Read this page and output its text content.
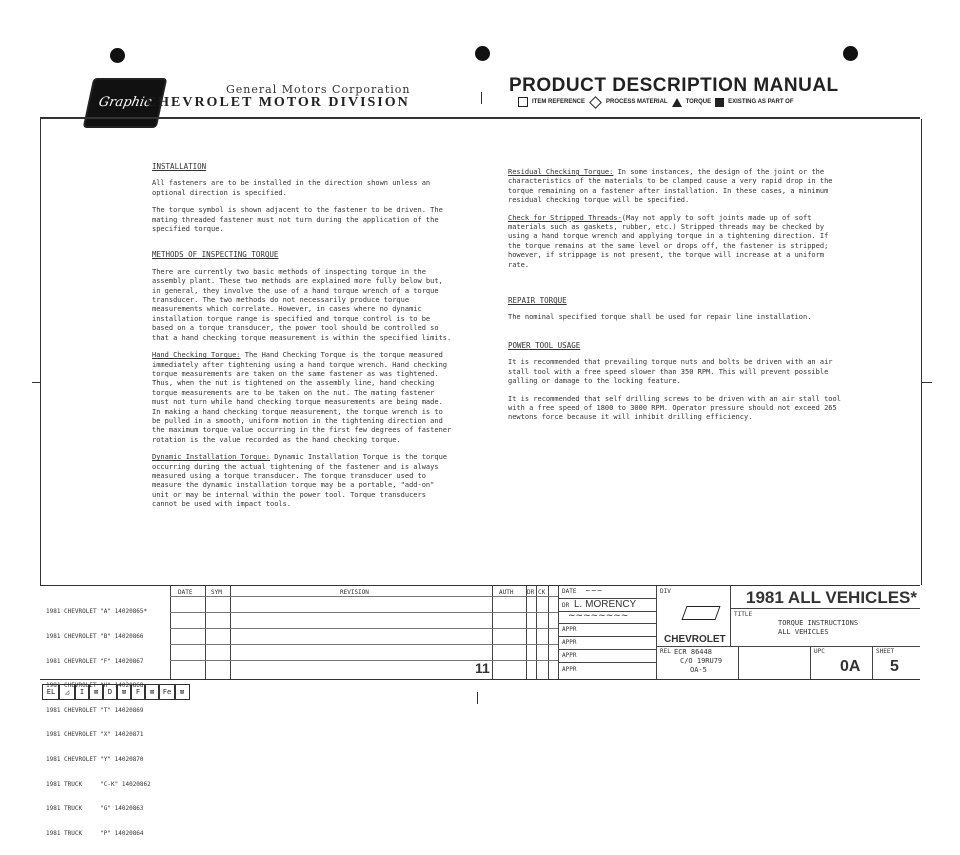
Graphic
General Motors Corporation
CHEVROLET MOTOR DIVISION
PRODUCT DESCRIPTION MANUAL
ITEM REFERENCE	PROCESS MATERIAL	TORQUE	EXISTING AS PART OF
INSTALLATION

All fasteners are to be installed in the direction shown unless an optional direction is specified.

The torque symbol is shown adjacent to the fastener to be driven. The mating threaded fastener must not turn during the application of the specified torque.

METHODS OF INSPECTING TORQUE

There are currently two basic methods of inspecting torque in the assembly plant. These two methods are explained more fully below but, in general, they involve the use of a hand torque wrench of a torque transducer. The two methods do not necessarily produce torque measurements which correlate. However, in cases where no dynamic installation torque range is specified and torque control is to be based on a torque transducer, the power tool should be controlled so that a hand checking torque measurement is within the specified limits.

Hand Checking Torque: The Hand Checking Torque is the torque measured immediately after tightening using a hand torque wrench. Hand checking torque measurements are taken on the same fastener as was tightened. Thus, when the nut is tightened on the assembly line, hand checking torque measurements are to be taken on the nut. The mating fastener must not turn while hand checking torque measurements are being made. In making a hand checking torque measurement, the torque wrench is to be pulled in a smooth, uniform motion in the tightening direction and the maximum torque value occurring in the first few degrees of fastener rotation is the value recorded as the hand checking torque.

Dynamic Installation Torque: Dynamic Installation Torque is the torque occurring during the actual tightening of the fastener and is always measured using a torque transducer. The torque transducer used to measure the dynamic installation torque may be a portable, "add-on" unit or may be internal within the power tool. Torque transducers cannot be used with impact tools.

Residual Checking Torque: In some instances, the design of the joint or the characteristics of the materials to be clamped cause a very rapid drop in the torque remaining on a fastener after installation. In these cases, a minimum residual checking torque will be specified.

Check for Stripped Threads-(May not apply to soft joints made up of soft materials such as gaskets, rubber, etc.) Stripped threads may be checked by using a hand torque wrench and applying torque in a tightening direction. If the torque remains at the same level or drops off, the fastener is stripped; however, if strippage is not present, the torque will increase at a uniform rate.

REPAIR TORQUE

The nominal specified torque shall be used for repair line installation.

POWER TOOL USAGE

It is recommended that prevailing torque nuts and bolts be driven with an air stall tool with a free speed slower than 350 RPM. This will prevent possible galling or damage to the locking feature.

It is recommended that self drilling screws to be driven with an air stall tool with a free speed of 1800 to 3000 RPM. Operator pressure should not exceed 265 newtons force because it will inhibit drilling efficiency.

1981 CHEVROLET "A" 14020865*

1981 CHEVROLET "B" 14020866

1981 CHEVROLET "F" 14020867

1981 CHEVROLET "H" 14020868

1981 CHEVROLET "T" 14020869

1981 CHEVROLET "X" 14020871

1981 CHEVROLET "Y" 14020870

1981 TRUCK     "C-K" 14020862

1981 TRUCK     "G" 14020863

1981 TRUCK     "P" 14020864

DATE	SYM	REVISION	AUTH DR CK
11
DATE ~~~
DR L. MORENCY
~~~~~~~~
APPR
APPR
APPR
APPR
DIV
CHEVROLET
1981 ALL VEHICLES*
TITLE
TORQUE INSTRUCTIONS
ALL VEHICLES
REL ECR 86448
C/O 19RU79
OA-5
UPC
0A
SHEET
5
EL	◿	I	⊠	D	⊠	F	⊠	Fe	⊠
